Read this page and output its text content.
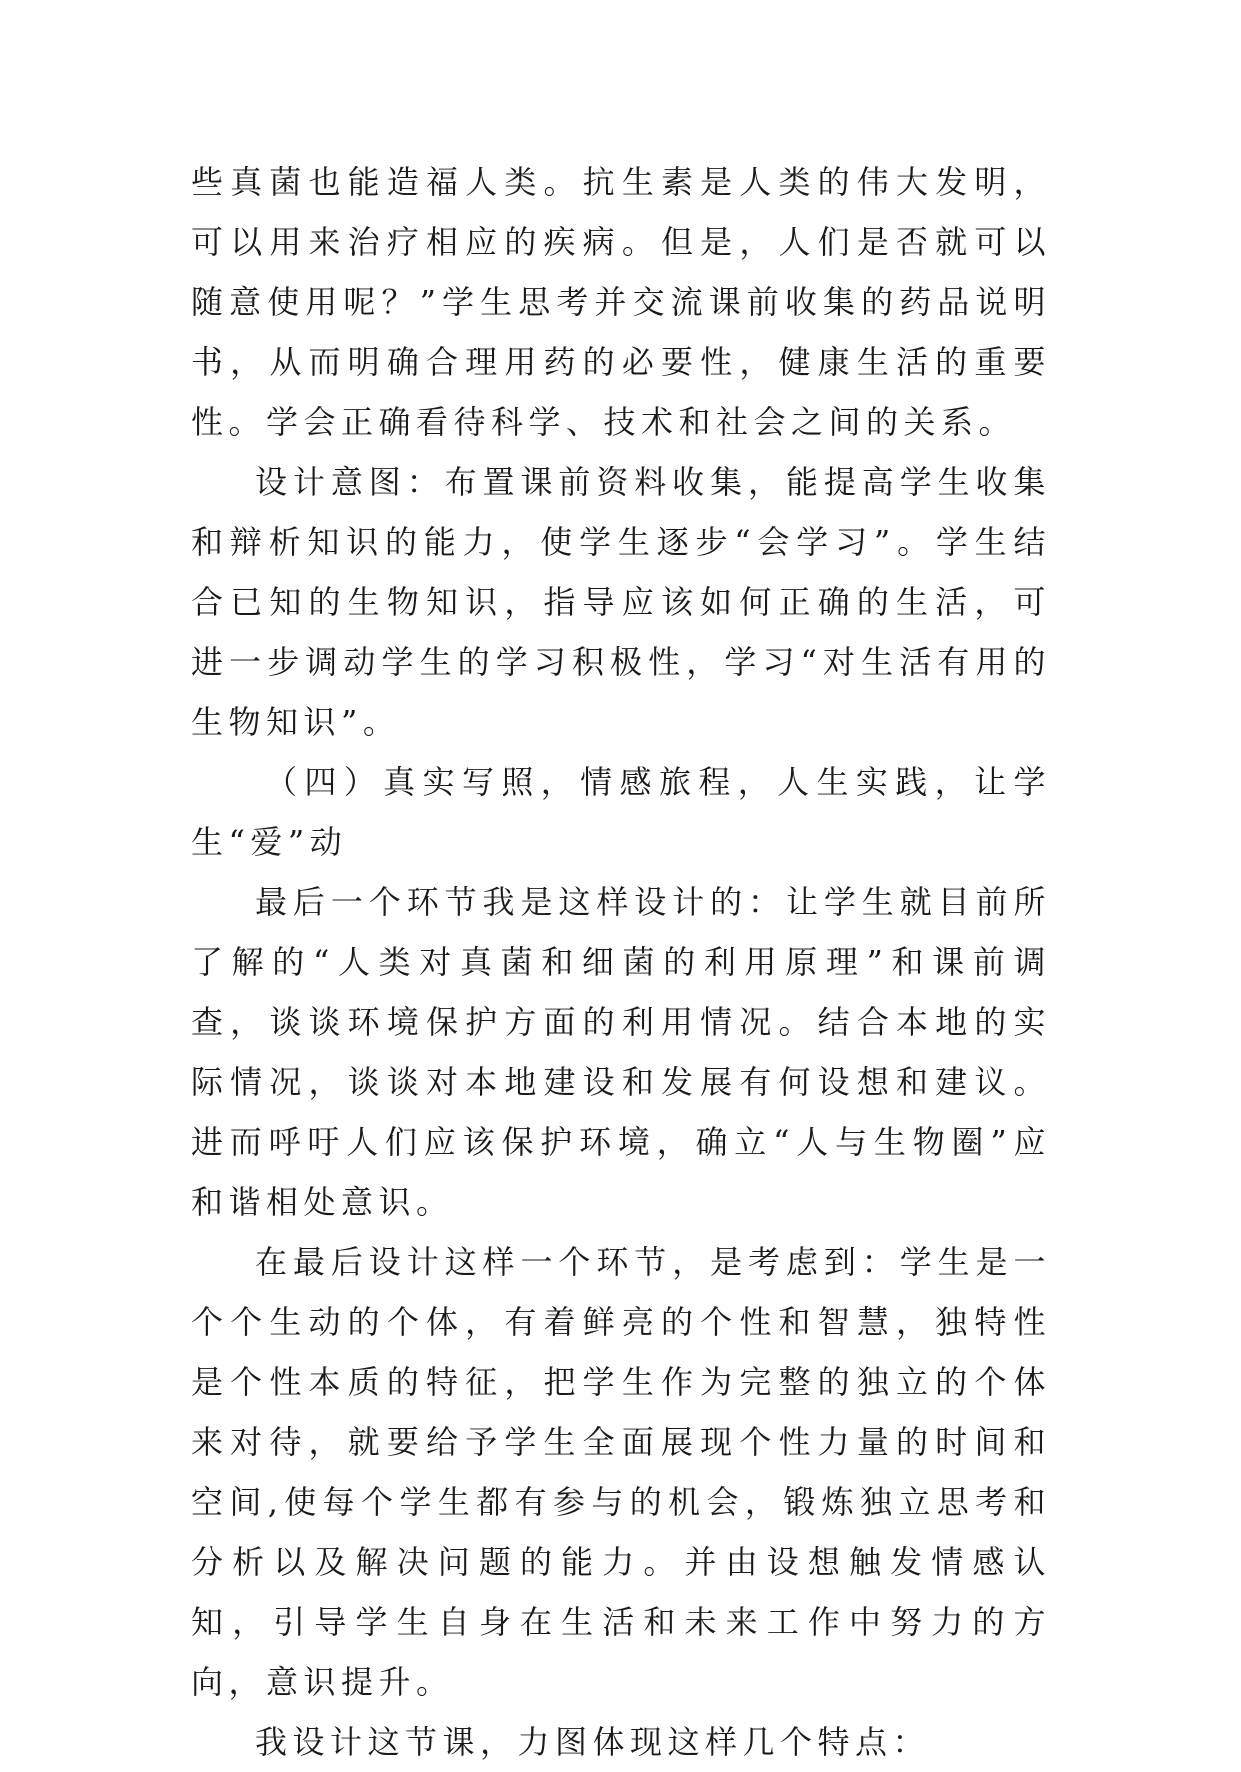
些真菌也能造福人类。抗生素是人类的伟大发明，可以用来治疗相应的疾病。但是，人们是否就可以随意使用呢？”学生思考并交流课前收集的药品说明书，从而明确合理用药的必要性，健康生活的重要性。学会正确看待科学、技术和社会之间的关系。

设计意图：布置课前资料收集，能提高学生收集和辩析知识的能力，使学生逐步“会学习”。学生结合已知的生物知识，指导应该如何正确的生活，可进一步调动学生的学习积极性，学习“对生活有用的生物知识”。

（四）真实写照，情感旅程，人生实践，让学生“爱”动

最后一个环节我是这样设计的：让学生就目前所了解的“人类对真菌和细菌的利用原理”和课前调查，谈谈环境保护方面的利用情况。结合本地的实际情况，谈谈对本地建设和发展有何设想和建议。进而呼吁人们应该保护环境，确立“人与生物圈”应和谐相处意识。

在最后设计这样一个环节，是考虑到：学生是一个个生动的个体，有着鲜亮的个性和智慧，独特性是个性本质的特征，把学生作为完整的独立的个体来对待，就要给予学生全面展现个性力量的时间和空间,使每个学生都有参与的机会，锻炼独立思考和分析以及解决问题的能力。并由设想触发情感认知，引导学生自身在生活和未来工作中努力的方向，意识提升。

我设计这节课，力图体现这样几个特点：
